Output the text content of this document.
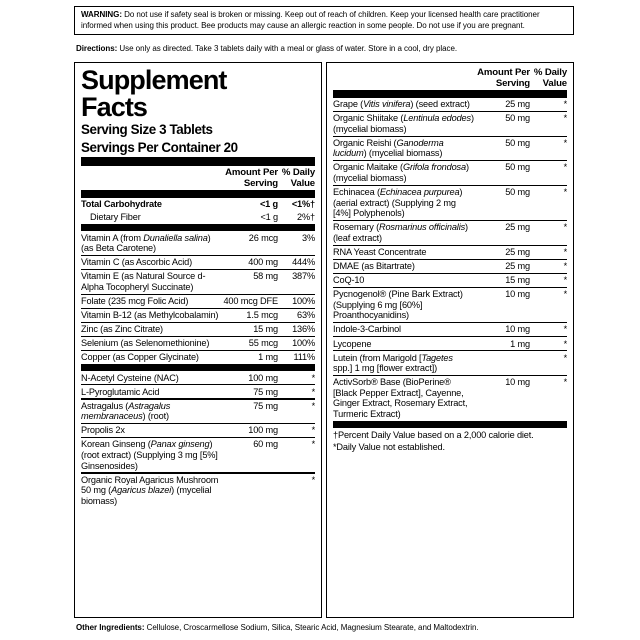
WARNING: Do not use if safety seal is broken or missing. Keep out of reach of children. Keep your licensed health care practitioner informed when using this product. Bee products may cause an allergic reaction in some people. Do not use if you are pregnant.
Directions: Use only as directed. Take 3 tablets daily with a meal or glass of water. Store in a cool, dry place.
Supplement
Facts
Serving Size 3 Tablets
Servings Per Container 20
	Amount Per
Serving	% Daily
Value

Total Carbohydrate	<1 g	<1%†
Dietary Fiber	<1 g	2%†

Vitamin A (from Dunaliella salina) (as Beta Carotene)	26 mcg	3%

Vitamin C (as Ascorbic Acid)	400 mg	444%

Vitamin E (as Natural Source d-Alpha Tocopheryl Succinate)	58 mg	387%

Folate (235 mcg Folic Acid)	400 mcg DFE	100%

Vitamin B-12 (as Methylcobalamin)	1.5 mcg	63%

Zinc (as Zinc Citrate)	15 mg	136%

Selenium (as Selenomethionine)	55 mcg	100%

Copper (as Copper Glycinate)	1 mg	111%

N-Acetyl Cysteine (NAC)	100 mg	*

L-Pyroglutamic Acid	75 mg	*

Astragalus (Astragalus membranaceus) (root)	75 mg	*

Propolis 2x	100 mg	*

Korean Ginseng (Panax ginseng) (root extract) (Supplying 3 mg [5%] Ginsenosides)	60 mg	*

Organic Royal Agaricus Mushroom 50 mg (Agaricus blazei) (mycelial biomass)		*
	Amount Per
Serving	% Daily
Value

Grape (Vitis vinifera) (seed extract)	25 mg	*

Organic Shiitake (Lentinula edodes) (mycelial biomass)	50 mg	*

Organic Reishi (Ganoderma lucidum) (mycelial biomass)	50 mg	*

Organic Maitake (Grifola frondosa) (mycelial biomass)	50 mg	*

Echinacea (Echinacea purpurea) (aerial extract) (Supplying 2 mg [4%] Polyphenols)	50 mg	*

Rosemary (Rosmarinus officinalis) (leaf extract)	25 mg	*

RNA Yeast Concentrate	25 mg	*

DMAE (as Bitartrate)	25 mg	*

CoQ-10	15 mg	*

Pycnogenol® (Pine Bark Extract) (Supplying 6 mg [60%] Proanthocyanidins)	10 mg	*

Indole-3-Carbinol	10 mg	*

Lycopene	1 mg	*

Lutein (from Marigold [Tagetes spp.] 1 mg [flower extract])		*

ActivSorb® Base (BioPerine® [Black Pepper Extract], Cayenne, Ginger Extract, Rosemary Extract, Turmeric Extract)	10 mg	*

†Percent Daily Value based on a 2,000 calorie diet.
*Daily Value not established.
Other Ingredients: Cellulose, Croscarmellose Sodium, Silica, Stearic Acid, Magnesium Stearate, and Maltodextrin.
